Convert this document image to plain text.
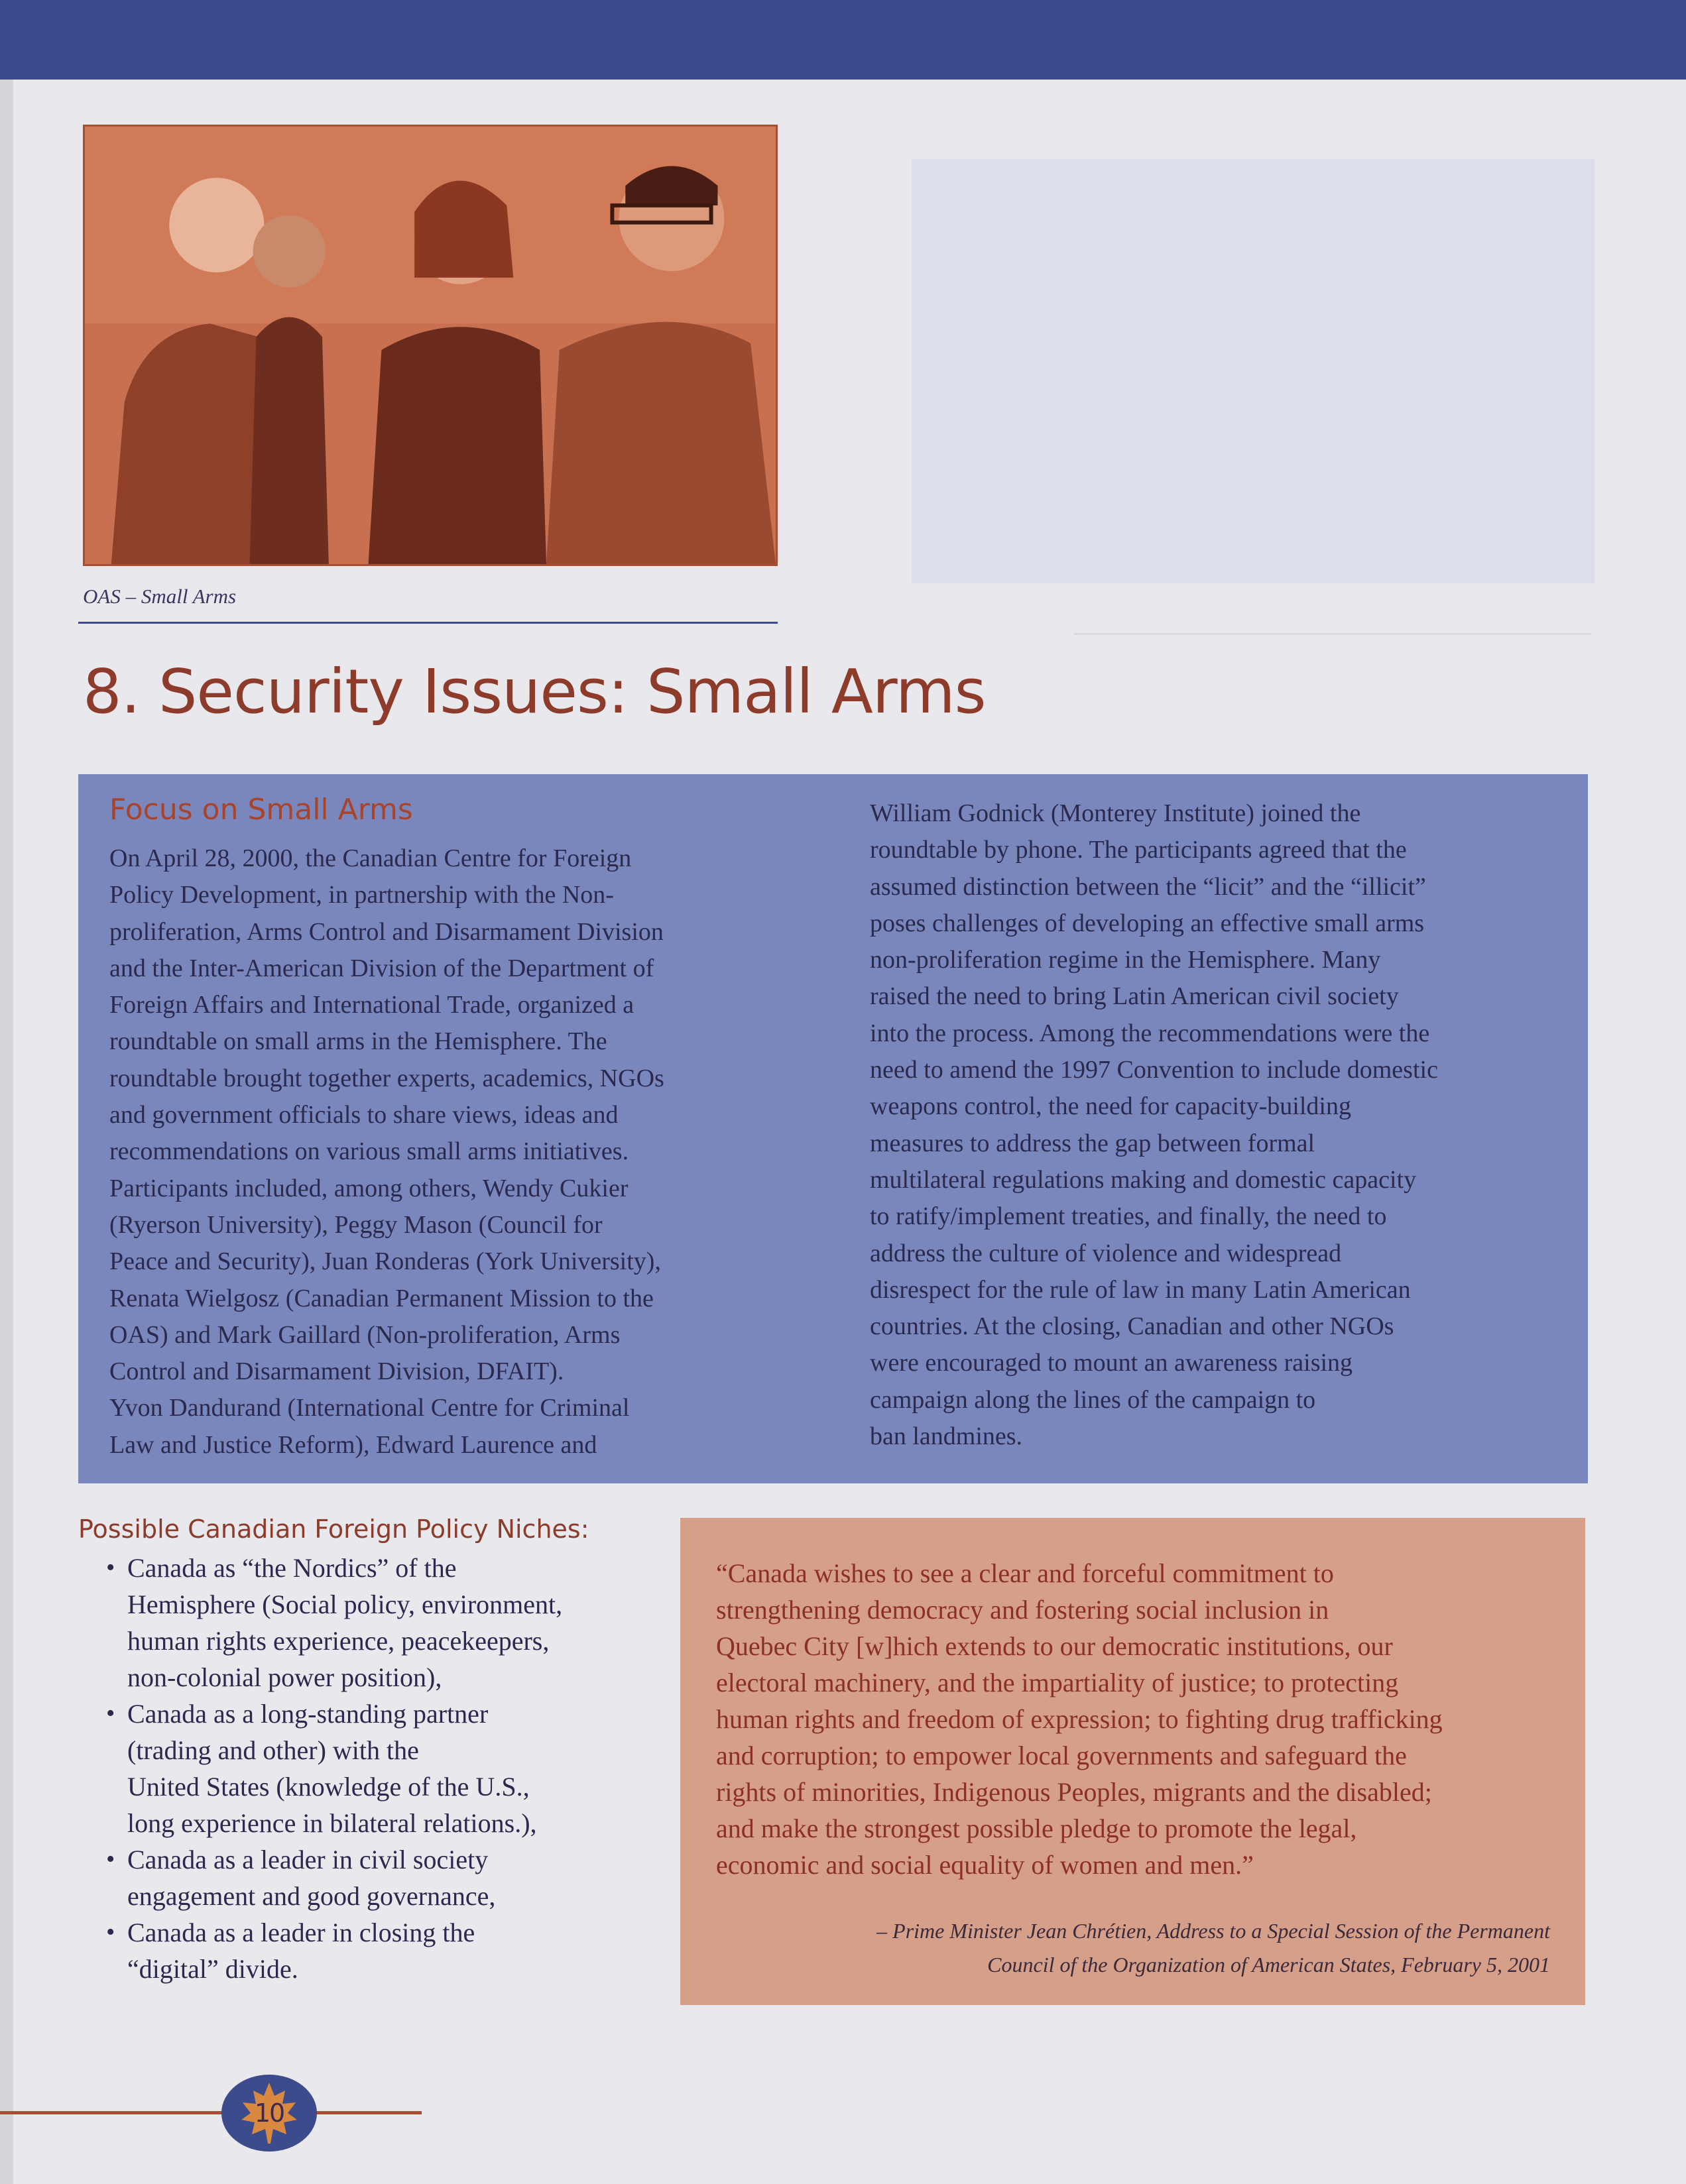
OAS – Small Arms
8. Security Issues: Small Arms
Focus on Small Arms
On April 28, 2000, the Canadian Centre for Foreign
Policy Development, in partnership with the Non-
proliferation, Arms Control and Disarmament Division
and the Inter-American Division of the Department of
Foreign Affairs and International Trade, organized a
roundtable on small arms in the Hemisphere. The
roundtable brought together experts, academics, NGOs
and government officials to share views, ideas and
recommendations on various small arms initiatives.
Participants included, among others, Wendy Cukier
(Ryerson University), Peggy Mason (Council for
Peace and Security), Juan Ronderas (York University),
Renata Wielgosz (Canadian Permanent Mission to the
OAS) and Mark Gaillard (Non-proliferation, Arms
Control and Disarmament Division, DFAIT).
Yvon Dandurand (International Centre for Criminal
Law and Justice Reform), Edward Laurence and
William Godnick (Monterey Institute) joined the
roundtable by phone. The participants agreed that the
assumed distinction between the “licit” and the “illicit”
poses challenges of developing an effective small arms
non-proliferation regime in the Hemisphere. Many
raised the need to bring Latin American civil society
into the process. Among the recommendations were the
need to amend the 1997 Convention to include domestic
weapons control, the need for capacity-building
measures to address the gap between formal
multilateral regulations making and domestic capacity
to ratify/implement treaties, and finally, the need to
address the culture of violence and widespread
disrespect for the rule of law in many Latin American
countries. At the closing, Canadian and other NGOs
were encouraged to mount an awareness raising
campaign along the lines of the campaign to
ban landmines.
Possible Canadian Foreign Policy Niches:
• Canada as “the Nordics” of the
Hemisphere (Social policy, environment,
human rights experience, peacekeepers,
non-colonial power position),
• Canada as a long-standing partner
(trading and other) with the
United States (knowledge of the U.S.,
long experience in bilateral relations.),
• Canada as a leader in civil society
engagement and good governance,
• Canada as a leader in closing the
“digital” divide.
“Canada wishes to see a clear and forceful commitment to
strengthening democracy and fostering social inclusion in
Quebec City [w]hich extends to our democratic institutions, our
electoral machinery, and the impartiality of justice; to protecting
human rights and freedom of expression; to fighting drug trafficking
and corruption; to empower local governments and safeguard the
rights of minorities, Indigenous Peoples, migrants and the disabled;
and make the strongest possible pledge to promote the legal,
economic and social equality of women and men.”
– Prime Minister Jean Chrétien, Address to a Special Session of the Permanent
Council of the Organization of American States, February 5, 2001
10
